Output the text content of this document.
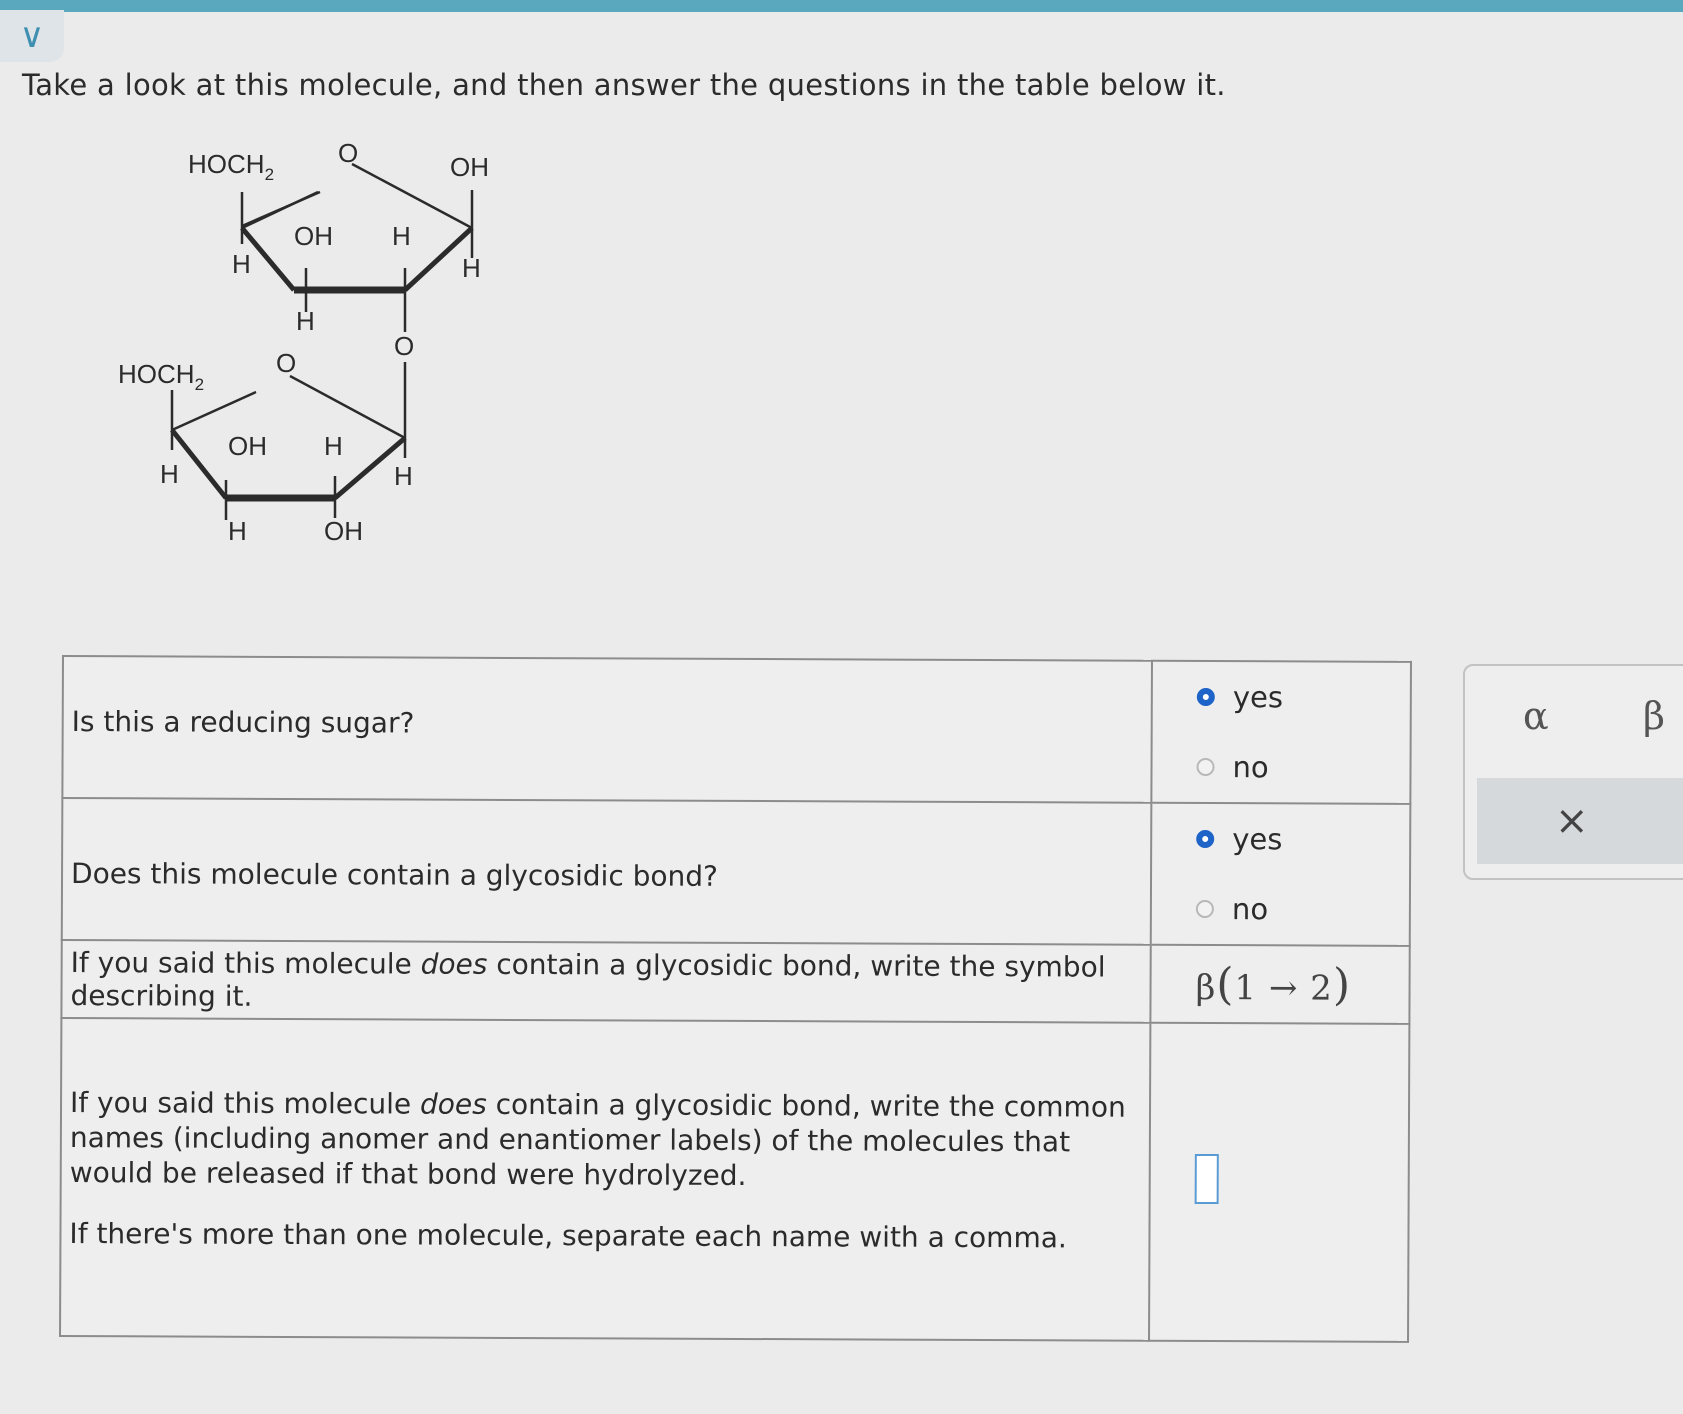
∨
Take a look at this molecule, and then answer the questions in the table below it.
$HOCH_2$
O	OH
H
H
OH H
H
O
$HOCH_2$
O
H
OH H
H
H	OH
Is this a reducing sugar?	yes
no

Does this molecule contain a glycosidic bond?	yes
no

If you said this molecule does contain a glycosidic bond, write the symbol describing it.	β(1 → 2)

If you said this molecule does contain a glycosidic bond, write the common names (including anomer and enantiomer labels) of the molecules that would be released if that bond were hydrolyzed.

If there's more than one molecule, separate each name with a comma.	

α β
×
